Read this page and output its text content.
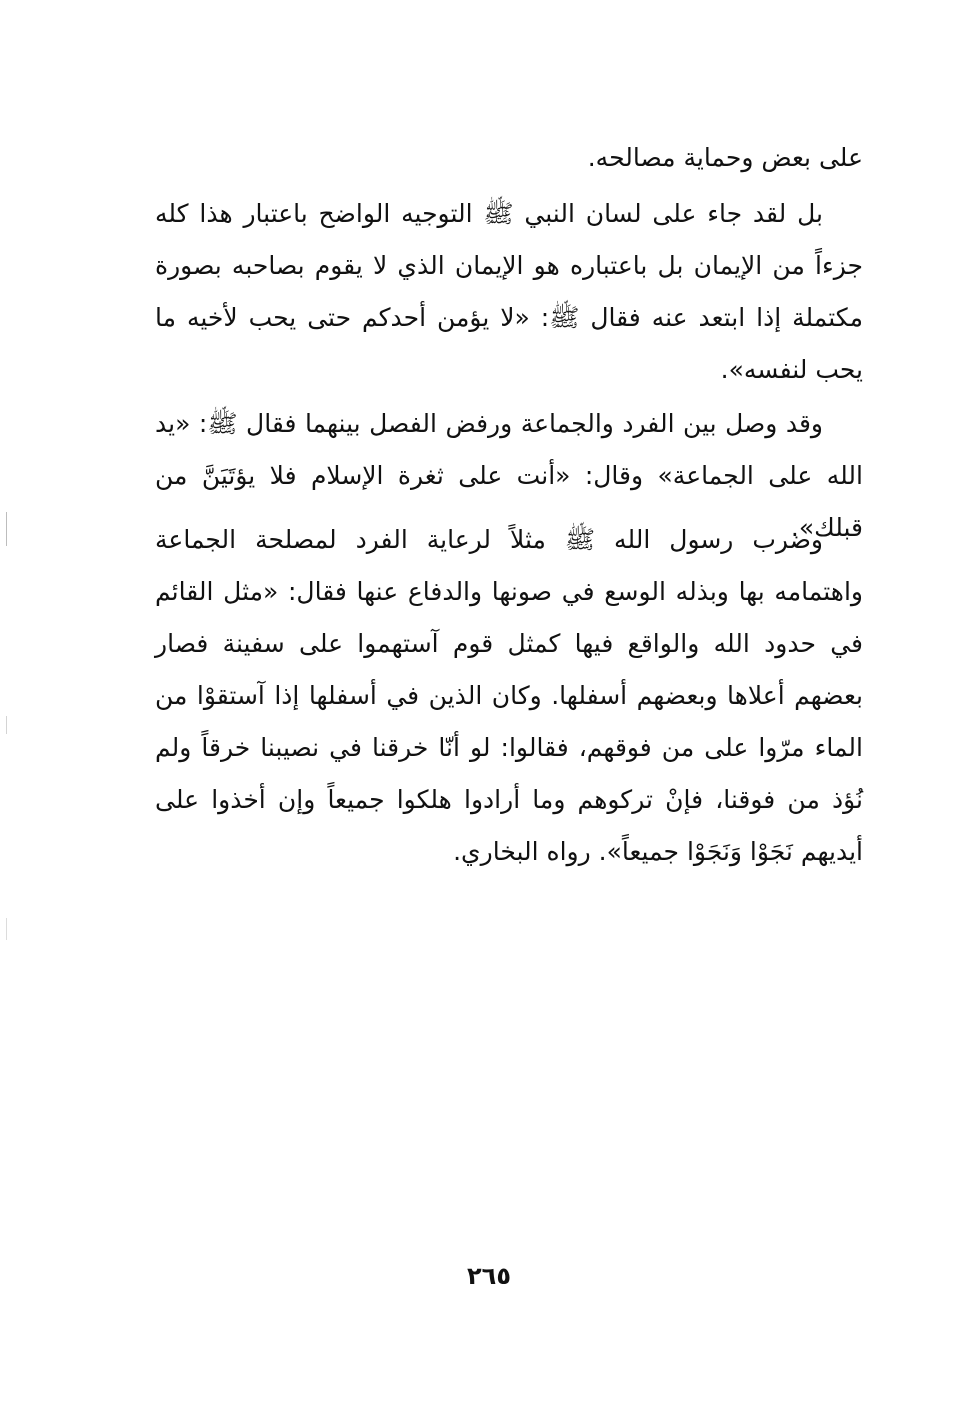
على بعض وحماية مصالحه.

بل لقد جاء على لسان النبي ﷺ التوجيه الواضح باعتبار هذا كله جزءاً من الإيمان بل باعتباره هو الإيمان الذي لا يقوم بصاحبه بصورة مكتملة إذا ابتعد عنه فقال ﷺ: «لا يؤمن أحدكم حتى يحب لأخيه ما يحب لنفسه».

وقد وصل بين الفرد والجماعة ورفض الفصل بينهما فقال ﷺ: «يد الله على الجماعة» وقال: «أنت على ثغرة الإسلام فلا يؤتَيَنَّ من قبلك».

وضرب رسول الله ﷺ مثلاً لرعاية الفرد لمصلحة الجماعة واهتمامه بها وبذله الوسع في صونها والدفاع عنها فقال: «مثل القائم في حدود الله والواقع فيها كمثل قوم آستهموا على سفينة فصار بعضهم أعلاها وبعضهم أسفلها. وكان الذين في أسفلها إذا آستقوْا من الماء مرّوا على من فوقهم، فقالوا: لو أنّا خرقنا في نصيبنا خرقاً ولم نُؤذ من فوقنا، فإنْ تركوهم وما أرادوا هلكوا جميعاً وإن أخذوا على أيديهم نَجَوْا وَنَجَوْا جميعاً». رواه البخاري.

٢٦٥
